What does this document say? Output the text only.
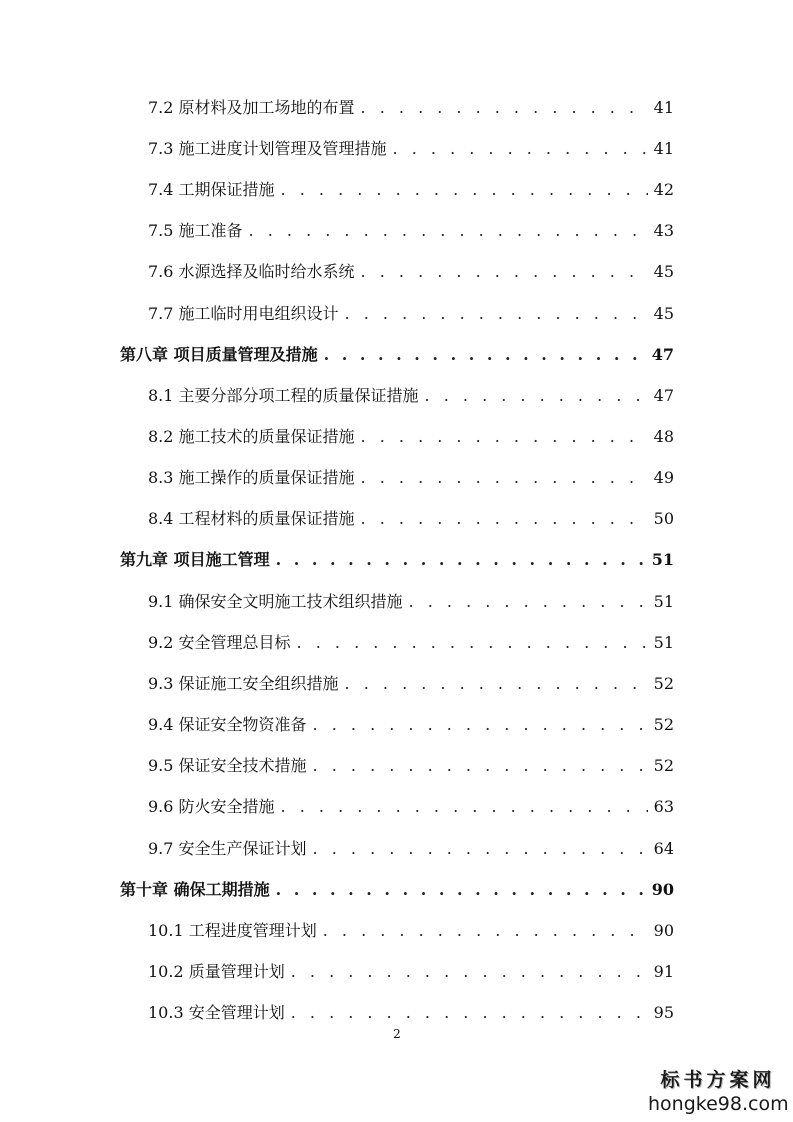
7.2 原材料及加工场地的布置 . . .	41
7.3 施工进度计划管理及管理措施 . . .	41
7.4 工期保证措施 . . .	42
7.5 施工准备 . . .	43
7.6 水源选择及临时给水系统 . . .	45
7.7 施工临时用电组织设计 . . .	45
第八章 项目质量管理及措施 . . .	47
8.1 主要分部分项工程的质量保证措施 . . .	47
8.2 施工技术的质量保证措施 . . .	48
8.3 施工操作的质量保证措施 . . .	49
8.4 工程材料的质量保证措施 . . .	50
第九章 项目施工管理 . . .	51
9.1 确保安全文明施工技术组织措施 . . .	51
9.2 安全管理总目标 . . .	51
9.3 保证施工安全组织措施 . . .	52
9.4 保证安全物资准备 . . .	52
9.5 保证安全技术措施 . . .	52
9.6 防火安全措施 . . .	63
9.7 安全生产保证计划 . . .	64
第十章 确保工期措施 . . .	90
10.1 工程进度管理计划 . . .	90
10.2 质量管理计划 . . .	91
10.3 安全管理计划 . . .	95
2
标书方案网
hongke98.com
